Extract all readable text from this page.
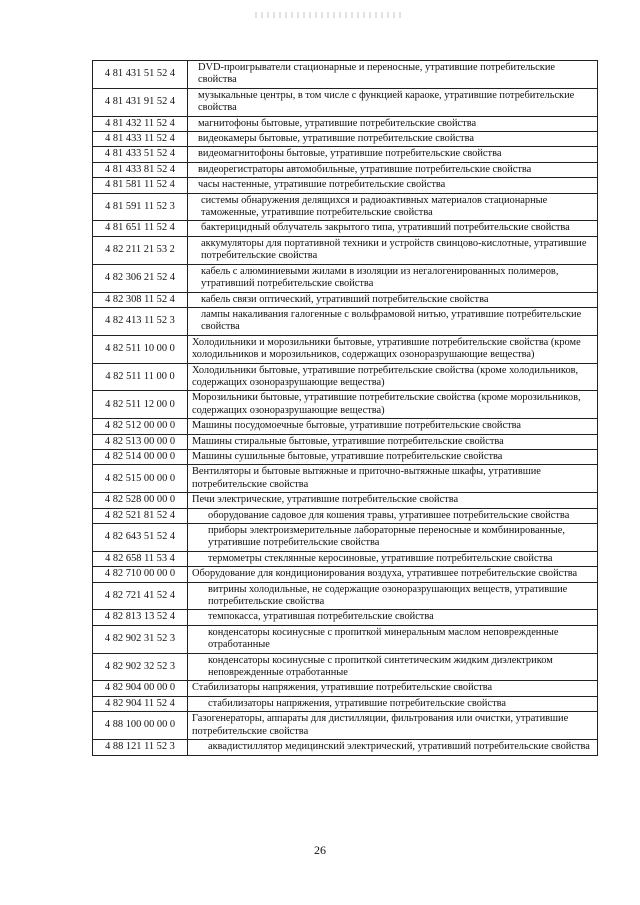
4 81 431 51 52 4	DVD-проигрыватели стационарные и переносные, утратившие потребительские свойства
4 81 431 91 52 4	музыкальные центры, в том числе с функцией караоке, утратившие потребительские свойства
4 81 432 11 52 4	магнитофоны бытовые, утратившие потребительские свойства
4 81 433 11 52 4	видеокамеры бытовые, утратившие потребительские свойства
4 81 433 51 52 4	видеомагнитофоны бытовые, утратившие потребительские свойства
4 81 433 81 52 4	видеорегистраторы автомобильные, утратившие потребительские свойства
4 81 581 11 52 4	часы настенные, утратившие потребительские свойства
4 81 591 11 52 3	системы обнаружения делящихся и радиоактивных материалов стационарные таможенные, утратившие потребительские свойства
4 81 651 11 52 4	бактерицидный облучатель закрытого типа, утративший потребительские свойства
4 82 211 21 53 2	аккумуляторы для портативной техники и устройств свинцово-кислотные, утратившие потребительские свойства
4 82 306 21 52 4	кабель с алюминиевыми жилами в изоляции из негалогенированных полимеров, утративший потребительские свойства
4 82 308 11 52 4	кабель связи оптический, утративший потребительские свойства
4 82 413 11 52 3	лампы накаливания галогенные с вольфрамовой нитью, утратившие потребительские свойства
4 82 511 10 00 0	Холодильники и морозильники бытовые, утратившие потребительские свойства (кроме холодильников и морозильников, содержащих озоноразрушающие вещества)
4 82 511 11 00 0	Холодильники бытовые, утратившие потребительские свойства (кроме холодильников, содержащих озоноразрушающие вещества)
4 82 511 12 00 0	Морозильники бытовые, утратившие потребительские свойства (кроме морозильников, содержащих озоноразрушающие вещества)
4 82 512 00 00 0	Машины посудомоечные бытовые, утратившие потребительские свойства
4 82 513 00 00 0	Машины стиральные бытовые, утратившие потребительские свойства
4 82 514 00 00 0	Машины сушильные бытовые, утратившие потребительские свойства
4 82 515 00 00 0	Вентиляторы и бытовые вытяжные и приточно-вытяжные шкафы, утратившие потребительские свойства
4 82 528 00 00 0	Печи электрические, утратившие потребительские свойства
4 82 521 81 52 4	оборудование садовое для кошения травы, утратившее потребительские свойства
4 82 643 51 52 4	приборы электроизмерительные лабораторные переносные и комбинированные, утратившие потребительские свойства
4 82 658 11 53 4	термометры стеклянные керосиновые, утратившие потребительские свойства
4 82 710 00 00 0	Оборудование для кондиционирования воздуха, утратившее потребительские свойства
4 82 721 41 52 4	витрины холодильные, не содержащие озоноразрушающих веществ, утратившие потребительские свойства
4 82 813 13 52 4	темпокасса, утратившая потребительские свойства
4 82 902 31 52 3	конденсаторы косинусные с пропиткой минеральным маслом неповрежденные отработанные
4 82 902 32 52 3	конденсаторы косинусные с пропиткой синтетическим жидким диэлектриком неповрежденные отработанные
4 82 904 00 00 0	Стабилизаторы напряжения, утратившие потребительские свойства
4 82 904 11 52 4	стабилизаторы напряжения, утратившие потребительские свойства
4 88 100 00 00 0	Газогенераторы, аппараты для дистилляции, фильтрования или очистки, утратившие потребительские свойства
4 88 121 11 52 3	аквадистиллятор медицинский электрический, утративший потребительские свойства
26
